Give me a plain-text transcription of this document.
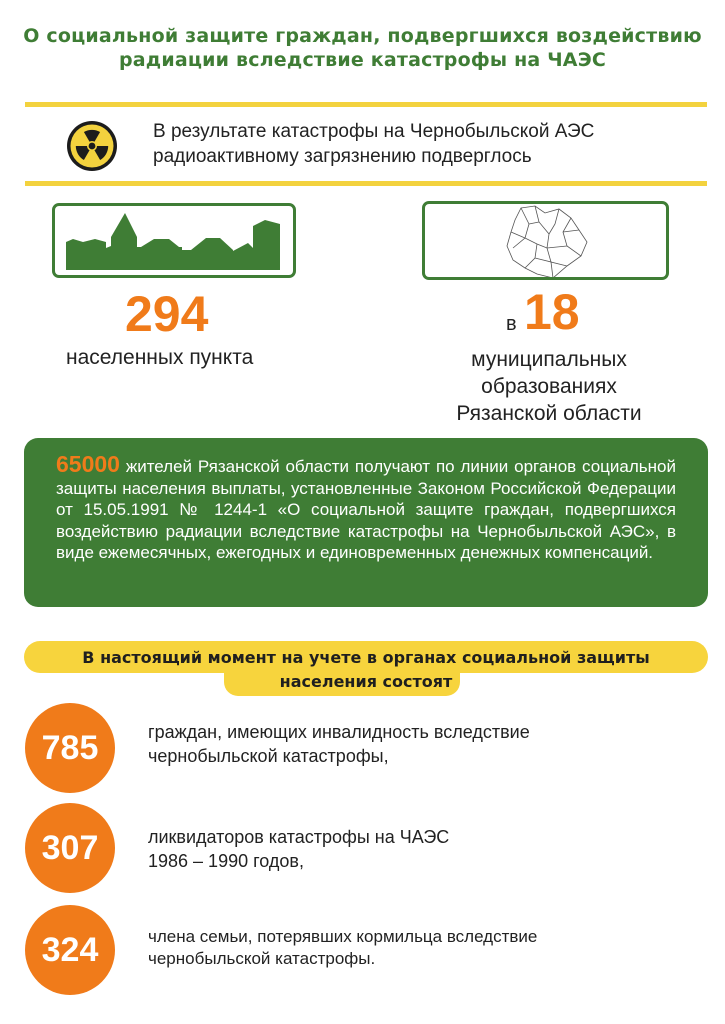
О социальной защите граждан, подвергшихся воздействию
радиации вследствие катастрофы на ЧАЭС
В результате катастрофы на Чернобыльской АЭС
радиоактивному загрязнению подверглось
294
населенных пункта
в 18
муниципальных
образованиях
Рязанской области
65000 жителей Рязанской области получают по линии органов социальной защиты населения выплаты, установленные Законом Российской Федерации от 15.05.1991 № 1244-1 «О социальной защите граждан, подвергшихся воздействию радиации вследствие катастрофы на Чернобыльской АЭС», в виде ежемесячных, ежегодных и единовременных денежных компенсаций.
В настоящий момент на учете в органах социальной защиты
населения состоят
785	граждан, имеющих инвалидность вследствие
чернобыльской катастрофы,
307	ликвидаторов катастрофы на ЧАЭС
1986 – 1990 годов,
324	члена семьи, потерявших кормильца вследствие
чернобыльской катастрофы.
